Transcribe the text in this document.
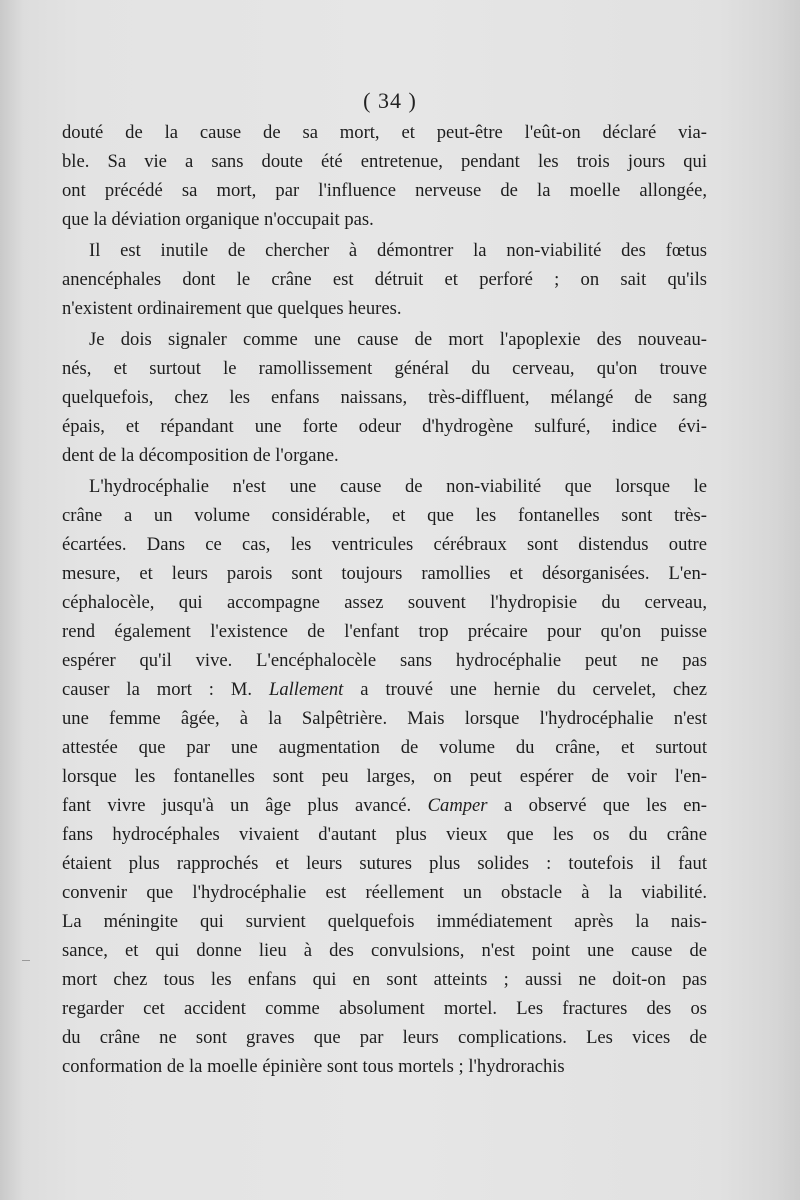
( 34 )
douté de la cause de sa mort, et peut-être l'eût-on déclaré via-
ble. Sa vie a sans doute été entretenue, pendant les trois jours qui
ont précédé sa mort, par l'influence nerveuse de la moelle allongée,
que la déviation organique n'occupait pas.
Il est inutile de chercher à démontrer la non-viabilité des fœtus
anencéphales dont le crâne est détruit et perforé ; on sait qu'ils
n'existent ordinairement que quelques heures.
Je dois signaler comme une cause de mort l'apoplexie des nouveau-
nés, et surtout le ramollissement général du cerveau, qu'on trouve
quelquefois, chez les enfans naissans, très-diffluent, mélangé de sang
épais, et répandant une forte odeur d'hydrogène sulfuré, indice évi-
dent de la décomposition de l'organe.
L'hydrocéphalie n'est une cause de non-viabilité que lorsque le
crâne a un volume considérable, et que les fontanelles sont très-
écartées. Dans ce cas, les ventricules cérébraux sont distendus outre
mesure, et leurs parois sont toujours ramollies et désorganisées. L'en-
céphalocèle, qui accompagne assez souvent l'hydropisie du cerveau,
rend également l'existence de l'enfant trop précaire pour qu'on puisse
espérer qu'il vive. L'encéphalocèle sans hydrocéphalie peut ne pas
causer la mort : M. Lallement a trouvé une hernie du cervelet, chez
une femme âgée, à la Salpêtrière. Mais lorsque l'hydrocéphalie n'est
attestée que par une augmentation de volume du crâne, et surtout
lorsque les fontanelles sont peu larges, on peut espérer de voir l'en-
fant vivre jusqu'à un âge plus avancé. Camper a observé que les en-
fans hydrocéphales vivaient d'autant plus vieux que les os du crâne
étaient plus rapprochés et leurs sutures plus solides : toutefois il faut
convenir que l'hydrocéphalie est réellement un obstacle à la viabilité.
La méningite qui survient quelquefois immédiatement après la nais-
sance, et qui donne lieu à des convulsions, n'est point une cause de
mort chez tous les enfans qui en sont atteints ; aussi ne doit-on pas
regarder cet accident comme absolument mortel. Les fractures des os
du crâne ne sont graves que par leurs complications. Les vices de
conformation de la moelle épinière sont tous mortels ; l'hydrorachis
